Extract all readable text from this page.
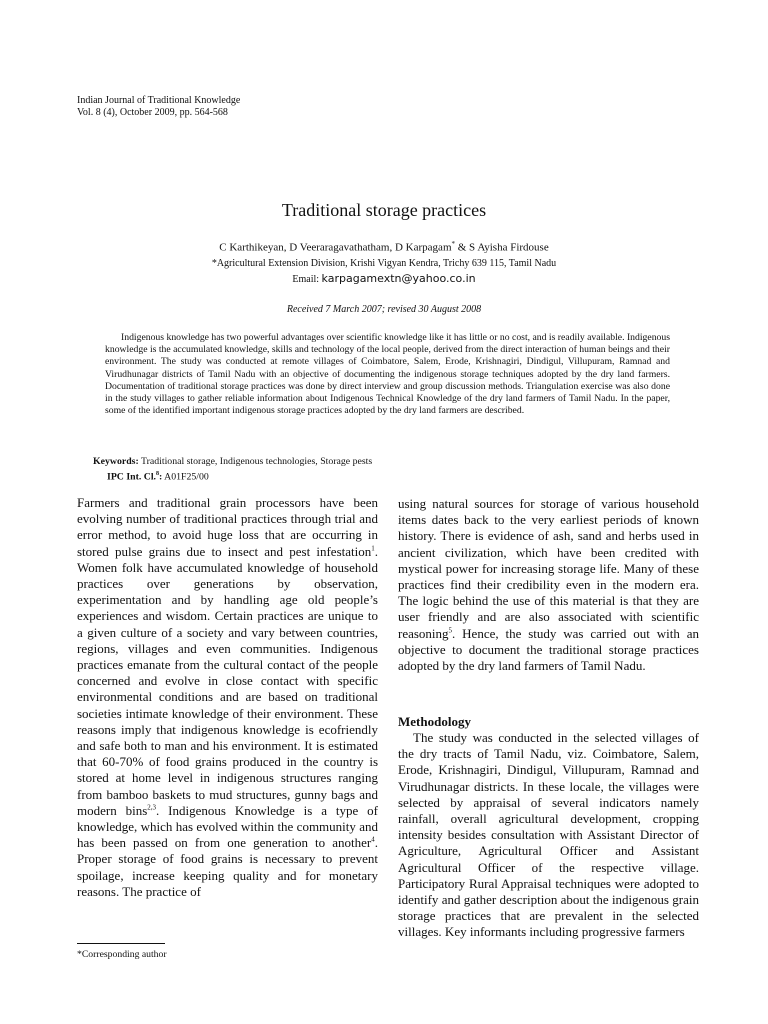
Indian Journal of Traditional Knowledge
Vol. 8 (4), October 2009, pp. 564-568
Traditional storage practices
C Karthikeyan, D Veeraragavathatham, D Karpagam* & S Ayisha Firdouse
*Agricultural Extension Division, Krishi Vigyan Kendra, Trichy 639 115, Tamil Nadu
Email: karpagamextn@yahoo.co.in
Received 7 March 2007; revised 30 August 2008
Indigenous knowledge has two powerful advantages over scientific knowledge like it has little or no cost, and is readily available. Indigenous knowledge is the accumulated knowledge, skills and technology of the local people, derived from the direct interaction of human beings and their environment. The study was conducted at remote villages of Coimbatore, Salem, Erode, Krishnagiri, Dindigul, Villupuram, Ramnad and Virudhunagar districts of Tamil Nadu with an objective of documenting the indigenous storage techniques adopted by the dry land farmers. Documentation of traditional storage practices was done by direct interview and group discussion methods. Triangulation exercise was also done in the study villages to gather reliable information about Indigenous Technical Knowledge of the dry land farmers of Tamil Nadu. In the paper, some of the identified important indigenous storage practices adopted by the dry land farmers are described.
Keywords: Traditional storage, Indigenous technologies, Storage pests
IPC Int. Cl.$^8$: A01F25/00
Farmers and traditional grain processors have been evolving number of traditional practices through trial and error method, to avoid huge loss that are occurring in stored pulse grains due to insect and pest infestation$^1$. Women folk have accumulated knowledge of household practices over generations by observation, experimentation and by handling age old people’s experiences and wisdom. Certain practices are unique to a given culture of a society and vary between countries, regions, villages and even communities. Indigenous practices emanate from the cultural contact of the people concerned and evolve in close contact with specific environmental conditions and are based on traditional societies intimate knowledge of their environment. These reasons imply that indigenous knowledge is ecofriendly and safe both to man and his environment. It is estimated that 60-70% of food grains produced in the country is stored at home level in indigenous structures ranging from bamboo baskets to mud structures, gunny bags and modern bins$^{2,3}$. Indigenous Knowledge is a type of knowledge, which has evolved within the community and has been passed on from one generation to another$^4$. Proper storage of food grains is necessary to prevent spoilage, increase keeping quality and for monetary reasons. The practice of
using natural sources for storage of various household items dates back to the very earliest periods of known history. There is evidence of ash, sand and herbs used in ancient civilization, which have been credited with mystical power for increasing storage life. Many of these practices find their credibility even in the modern era. The logic behind the use of this material is that they are user friendly and are also associated with scientific reasoning$^5$. Hence, the study was carried out with an objective to document the traditional storage practices adopted by the dry land farmers of Tamil Nadu.
Methodology
The study was conducted in the selected villages of the dry tracts of Tamil Nadu, viz. Coimbatore, Salem, Erode, Krishnagiri, Dindigul, Villupuram, Ramnad and Virudhunagar districts. In these locale, the villages were selected by appraisal of several indicators namely rainfall, overall agricultural development, cropping intensity besides consultation with Assistant Director of Agriculture, Agricultural Officer and Assistant Agricultural Officer of the respective village. Participatory Rural Appraisal techniques were adopted to identify and gather description about the indigenous grain storage practices that are prevalent in the selected villages. Key informants including progressive farmers
*Corresponding author
